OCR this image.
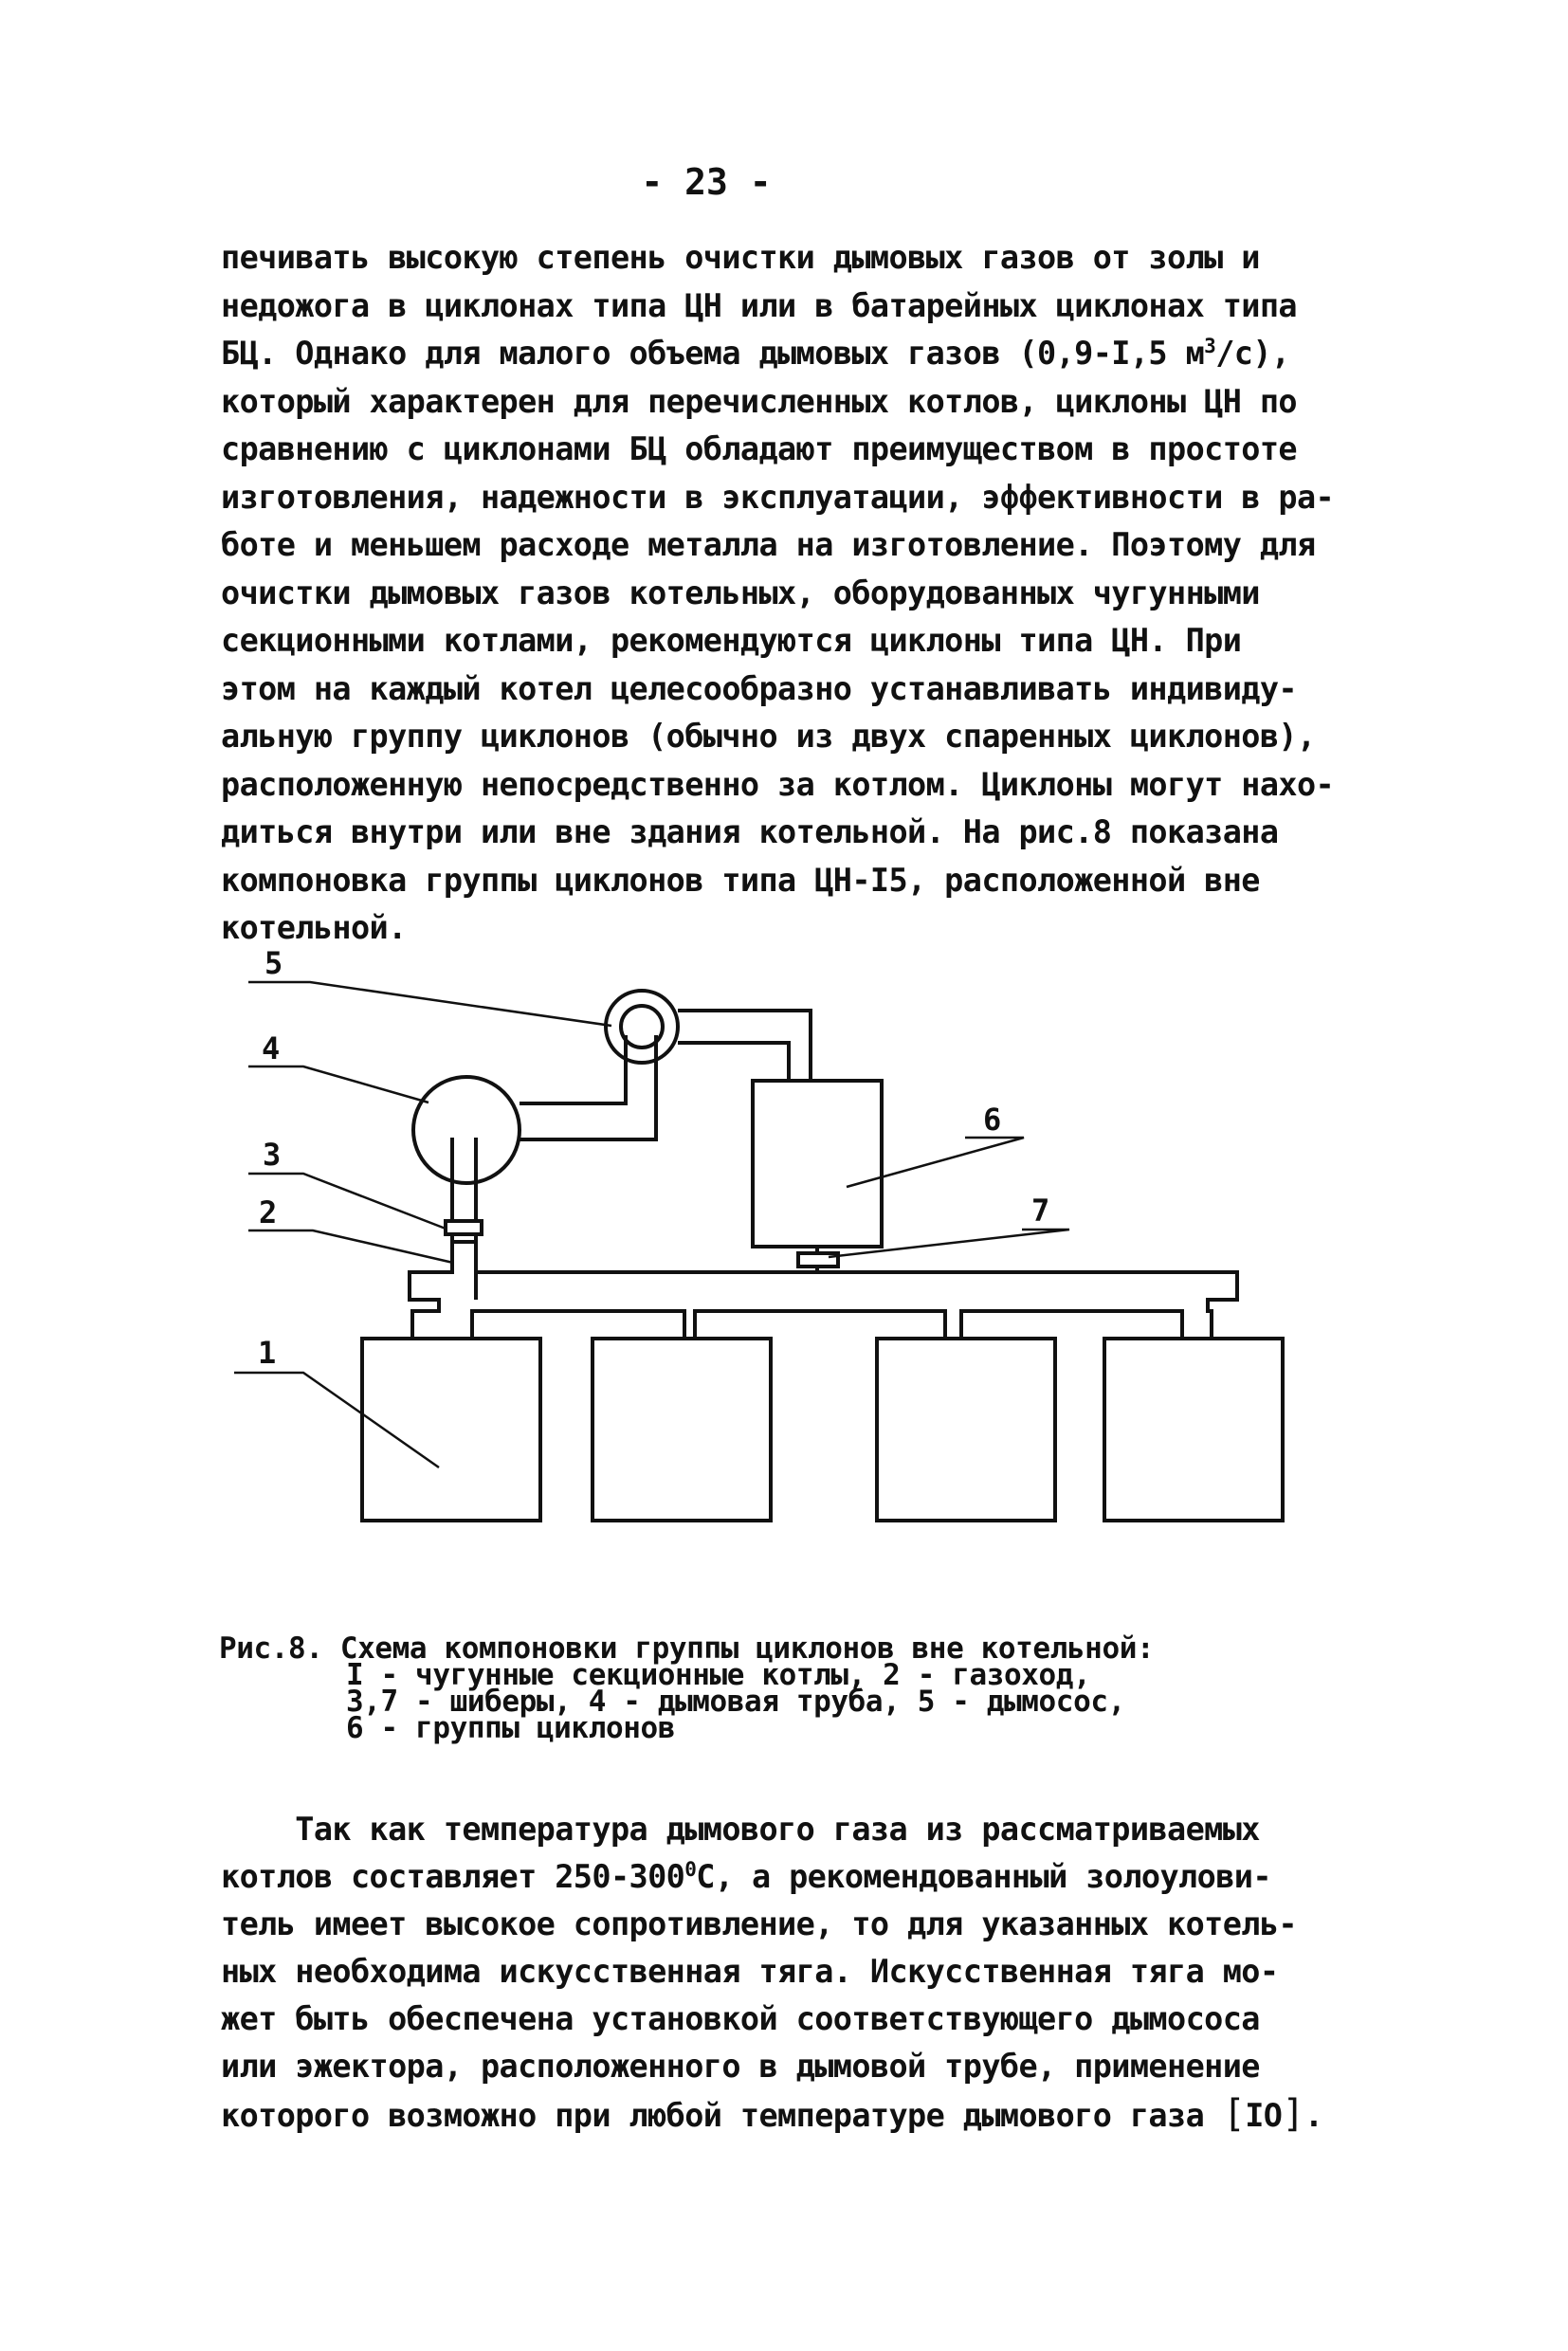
- 23 -
печивать высокую степень очистки дымовых газов от золы и
недожога в циклонах типа ЦН или в батарейных циклонах типа
БЦ. Однако для малого объема дымовых газов (0,9-I,5 $м^3/с$),
который характерен для перечисленных котлов, циклоны ЦН по
сравнению с циклонами БЦ обладают преимуществом в простоте
изготовления, надежности в эксплуатации, эффективности в ра-
боте и меньшем расходе металла на изготовление. Поэтому для
очистки дымовых газов котельных, оборудованных чугунными
секционными котлами, рекомендуются циклоны типа ЦН. При
этом на каждый котел целесообразно устанавливать индивиду-
альную группу циклонов (обычно из двух спаренных циклонов),
расположенную непосредственно за котлом. Циклоны могут нахо-
диться внутри или вне здания котельной. На рис.8 показана
компоновка группы циклонов типа ЦН-I5, расположенной вне
котельной.
5
4
3
2
1
6
7
Рис.8. Схема компоновки группы циклонов вне котельной:
I - чугунные секционные котлы, 2 - газоход,
3,7 - шиберы, 4 - дымовая труба, 5 - дымосос,
6 - группы циклонов
Так как температура дымового газа из рассматриваемых
котлов составляет $250-300^0С$, а рекомендованный золоулови-
тель имеет высокое сопротивление, то для указанных котель-
ных необходима искусственная тяга. Искусственная тяга мо-
жет быть обеспечена установкой соответствующего дымососа
или эжектора, расположенного в дымовой трубе, применение
которого возможно при любой температуре дымового газа [IO].
